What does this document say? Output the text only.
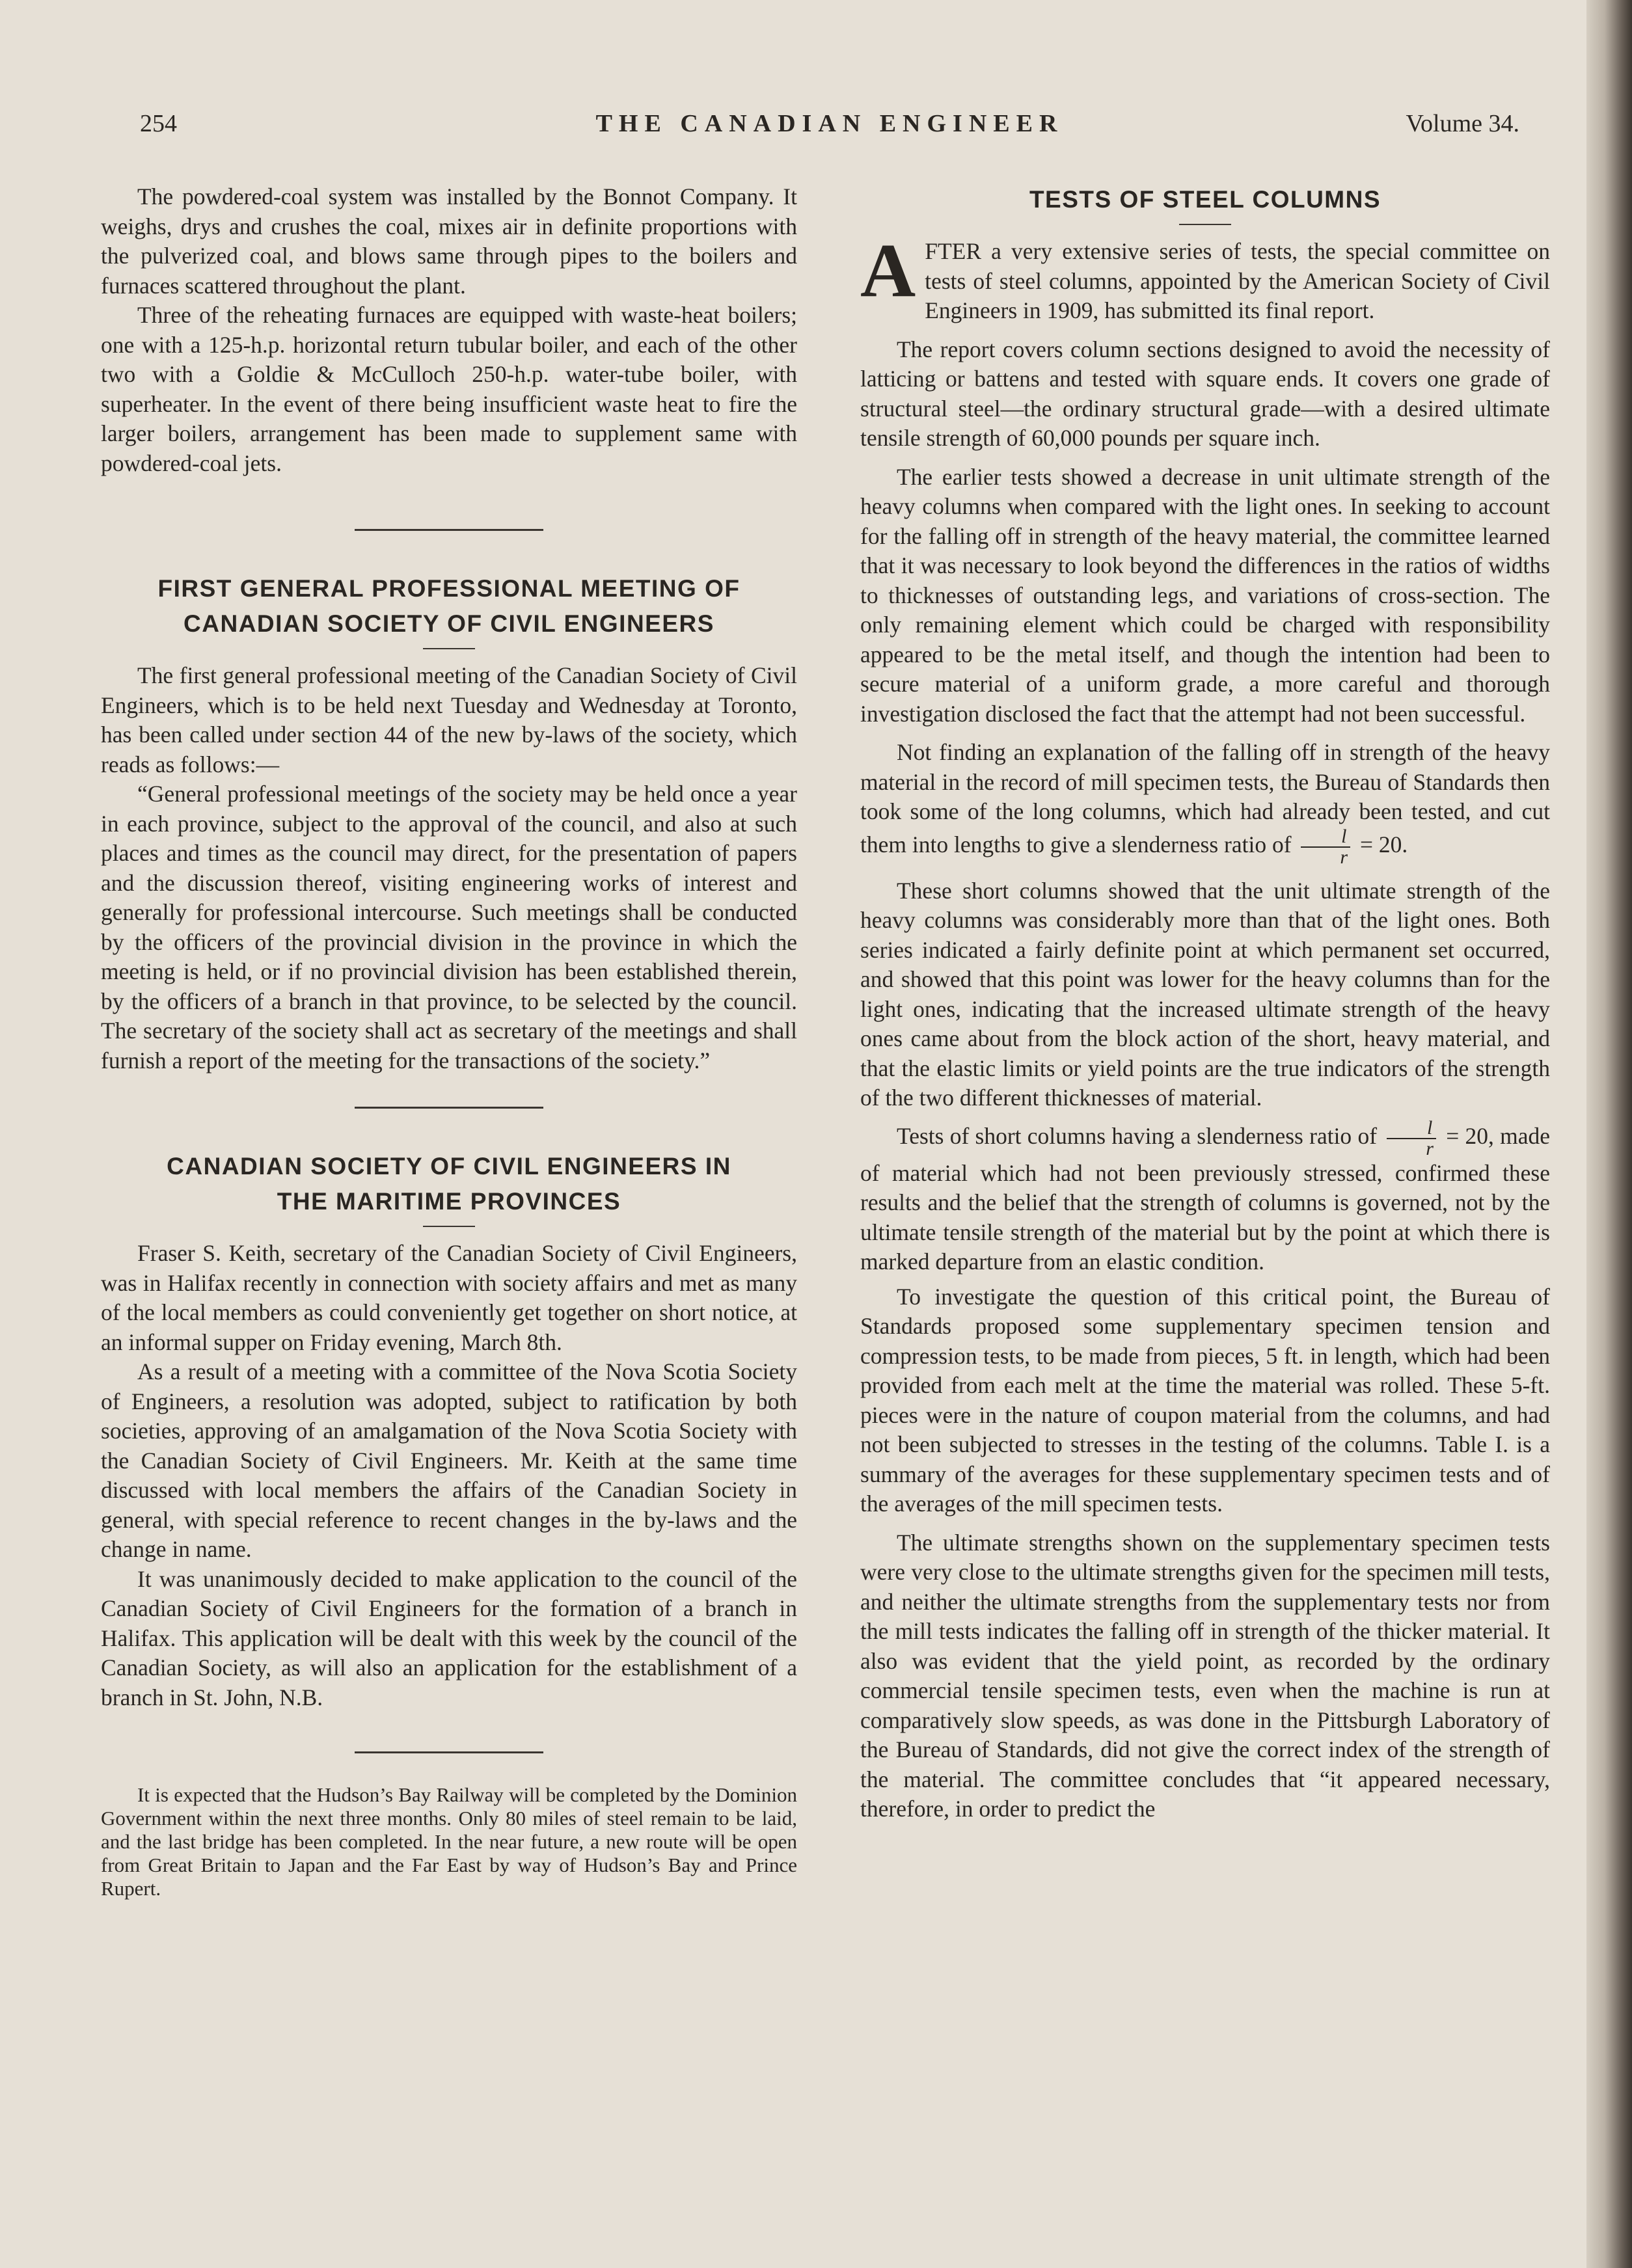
254	THE CANADIAN ENGINEER	Volume 34.

The powdered-coal system was installed by the Bonnot Company. It weighs, drys and crushes the coal, mixes air in definite proportions with the pulverized coal, and blows same through pipes to the boilers and furnaces scattered throughout the plant.

Three of the reheating furnaces are equipped with waste-heat boilers; one with a 125-h.p. horizontal return tubular boiler, and each of the other two with a Goldie & McCulloch 250-h.p. water-tube boiler, with superheater. In the event of there being insufficient waste heat to fire the larger boilers, arrangement has been made to supplement same with powdered-coal jets.

FIRST GENERAL PROFESSIONAL MEETING OF
CANADIAN SOCIETY OF CIVIL ENGINEERS

The first general professional meeting of the Canadian Society of Civil Engineers, which is to be held next Tuesday and Wednesday at Toronto, has been called under section 44 of the new by-laws of the society, which reads as follows:—

“General professional meetings of the society may be held once a year in each province, subject to the approval of the council, and also at such places and times as the council may direct, for the presentation of papers and the discussion thereof, visiting engineering works of interest and generally for professional intercourse. Such meetings shall be conducted by the officers of the provincial division in the province in which the meeting is held, or if no provincial division has been established therein, by the officers of a branch in that province, to be selected by the council. The secretary of the society shall act as secretary of the meetings and shall furnish a report of the meeting for the transactions of the society.”

CANADIAN SOCIETY OF CIVIL ENGINEERS IN
THE MARITIME PROVINCES

Fraser S. Keith, secretary of the Canadian Society of Civil Engineers, was in Halifax recently in connection with society affairs and met as many of the local members as could conveniently get together on short notice, at an informal supper on Friday evening, March 8th.

As a result of a meeting with a committee of the Nova Scotia Society of Engineers, a resolution was adopted, subject to ratification by both societies, approving of an amalgamation of the Nova Scotia Society with the Canadian Society of Civil Engineers. Mr. Keith at the same time discussed with local members the affairs of the Canadian Society in general, with special reference to recent changes in the by-laws and the change in name.

It was unanimously decided to make application to the council of the Canadian Society of Civil Engineers for the formation of a branch in Halifax. This application will be dealt with this week by the council of the Canadian Society, as will also an application for the establishment of a branch in St. John, N.B.

It is expected that the Hudson’s Bay Railway will be completed by the Dominion Government within the next three months. Only 80 miles of steel remain to be laid, and the last bridge has been completed. In the near future, a new route will be open from Great Britain to Japan and the Far East by way of Hudson’s Bay and Prince Rupert.

TESTS OF STEEL COLUMNS

AFTER a very extensive series of tests, the special committee on tests of steel columns, appointed by the American Society of Civil Engineers in 1909, has submitted its final report.

The report covers column sections designed to avoid the necessity of latticing or battens and tested with square ends. It covers one grade of structural steel—the ordinary structural grade—with a desired ultimate tensile strength of 60,000 pounds per square inch.

The earlier tests showed a decrease in unit ultimate strength of the heavy columns when compared with the light ones. In seeking to account for the falling off in strength of the heavy material, the committee learned that it was necessary to look beyond the differences in the ratios of widths to thicknesses of outstanding legs, and variations of cross-section. The only remaining element which could be charged with responsibility appeared to be the metal itself, and though the intention had been to secure material of a uniform grade, a more careful and thorough investigation disclosed the fact that the attempt had not been successful.

Not finding an explanation of the falling off in strength of the heavy material in the record of mill specimen tests, the Bureau of Standards then took some of the long columns, which had already been tested, and cut them into lengths to give a slenderness ratio of $\frac{l}{r} = 20$.

These short columns showed that the unit ultimate strength of the heavy columns was considerably more than that of the light ones. Both series indicated a fairly definite point at which permanent set occurred, and showed that this point was lower for the heavy columns than for the light ones, indicating that the increased ultimate strength of the heavy ones came about from the block action of the short, heavy material, and that the elastic limits or yield points are the true indicators of the strength of the two different thicknesses of material.

Tests of short columns having a slenderness ratio of $\frac{l}{r} = 20$, made of material which had not been previously stressed, confirmed these results and the belief that the strength of columns is governed, not by the ultimate tensile strength of the material but by the point at which there is marked departure from an elastic condition.

To investigate the question of this critical point, the Bureau of Standards proposed some supplementary specimen tension and compression tests, to be made from pieces, 5 ft. in length, which had been provided from each melt at the time the material was rolled. These 5-ft. pieces were in the nature of coupon material from the columns, and had not been subjected to stresses in the testing of the columns. Table I. is a summary of the averages for these supplementary specimen tests and of the averages of the mill specimen tests.

The ultimate strengths shown on the supplementary specimen tests were very close to the ultimate strengths given for the specimen mill tests, and neither the ultimate strengths from the supplementary tests nor from the mill tests indicates the falling off in strength of the thicker material. It also was evident that the yield point, as recorded by the ordinary commercial tensile specimen tests, even when the machine is run at comparatively slow speeds, as was done in the Pittsburgh Laboratory of the Bureau of Standards, did not give the correct index of the strength of the material. The committee concludes that “it appeared necessary, therefore, in order to predict the
